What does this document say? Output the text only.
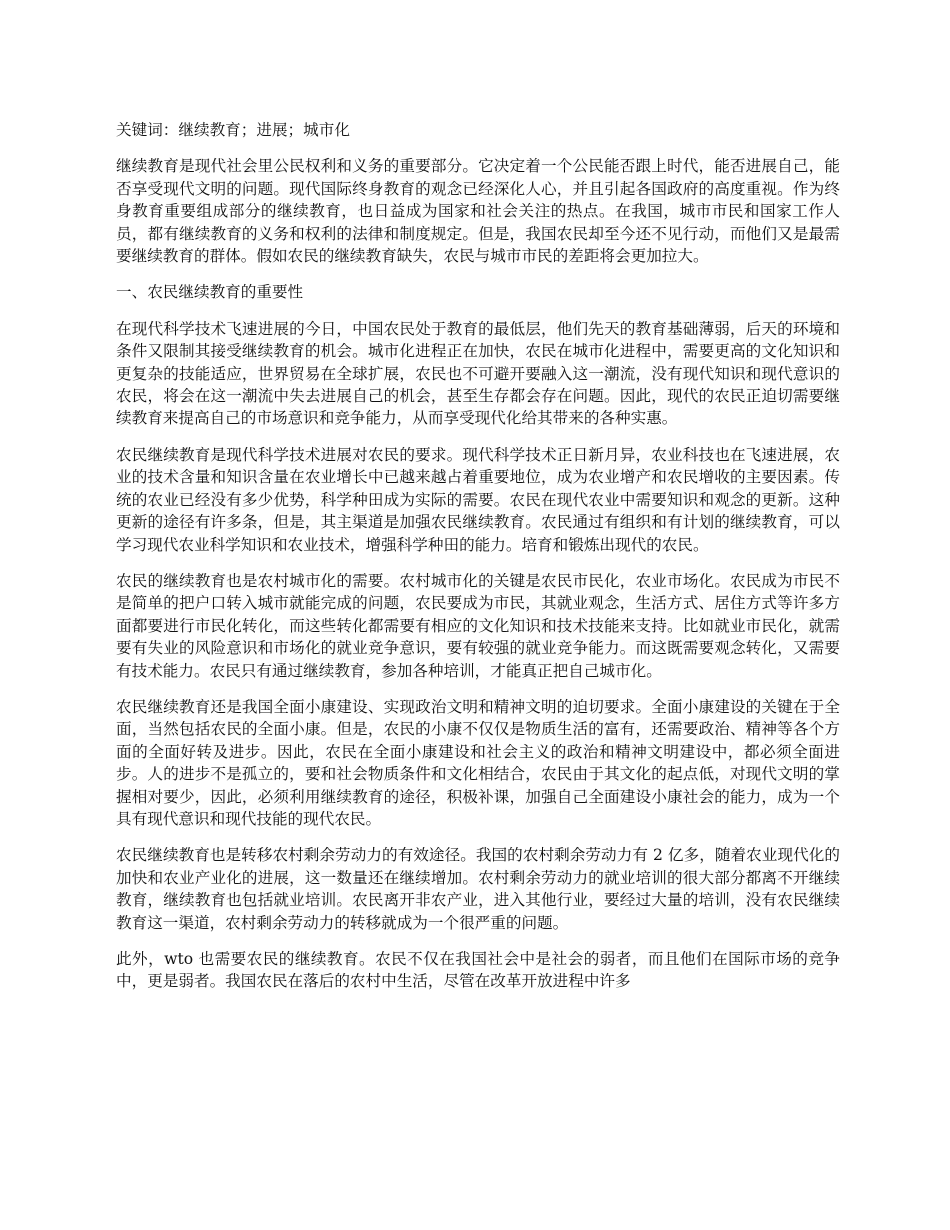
关键词：继续教育；进展；城市化

继续教育是现代社会里公民权利和义务的重要部分。它决定着一个公民能否跟上时代，能否进展自己，能否享受现代文明的问题。现代国际终身教育的观念已经深化人心，并且引起各国政府的高度重视。作为终身教育重要组成部分的继续教育，也日益成为国家和社会关注的热点。在我国，城市市民和国家工作人员，都有继续教育的义务和权利的法律和制度规定。但是，我国农民却至今还不见行动，而他们又是最需要继续教育的群体。假如农民的继续教育缺失，农民与城市市民的差距将会更加拉大。

一、农民继续教育的重要性

在现代科学技术飞速进展的今日，中国农民处于教育的最低层，他们先天的教育基础薄弱，后天的环境和条件又限制其接受继续教育的机会。城市化进程正在加快，农民在城市化进程中，需要更高的文化知识和更复杂的技能适应，世界贸易在全球扩展，农民也不可避开要融入这一潮流，没有现代知识和现代意识的农民，将会在这一潮流中失去进展自己的机会，甚至生存都会存在问题。因此，现代的农民正迫切需要继续教育来提高自己的市场意识和竞争能力，从而享受现代化给其带来的各种实惠。

农民继续教育是现代科学技术进展对农民的要求。现代科学技术正日新月异，农业科技也在飞速进展，农业的技术含量和知识含量在农业增长中已越来越占着重要地位，成为农业增产和农民增收的主要因素。传统的农业已经没有多少优势，科学种田成为实际的需要。农民在现代农业中需要知识和观念的更新。这种更新的途径有许多条，但是，其主渠道是加强农民继续教育。农民通过有组织和有计划的继续教育，可以学习现代农业科学知识和农业技术，增强科学种田的能力。培育和锻炼出现代的农民。

农民的继续教育也是农村城市化的需要。农村城市化的关键是农民市民化，农业市场化。农民成为市民不是简单的把户口转入城市就能完成的问题，农民要成为市民，其就业观念，生活方式、居住方式等许多方面都要进行市民化转化，而这些转化都需要有相应的文化知识和技术技能来支持。比如就业市民化，就需要有失业的风险意识和市场化的就业竞争意识，要有较强的就业竞争能力。而这既需要观念转化，又需要有技术能力。农民只有通过继续教育，参加各种培训，才能真正把自己城市化。

农民继续教育还是我国全面小康建设、实现政治文明和精神文明的迫切要求。全面小康建设的关键在于全面，当然包括农民的全面小康。但是，农民的小康不仅仅是物质生活的富有，还需要政治、精神等各个方面的全面好转及进步。因此，农民在全面小康建设和社会主义的政治和精神文明建设中，都必须全面进步。人的进步不是孤立的，要和社会物质条件和文化相结合，农民由于其文化的起点低，对现代文明的掌握相对要少，因此，必须利用继续教育的途径，积极补课，加强自己全面建设小康社会的能力，成为一个具有现代意识和现代技能的现代农民。

农民继续教育也是转移农村剩余劳动力的有效途径。我国的农村剩余劳动力有 2 亿多，随着农业现代化的加快和农业产业化的进展，这一数量还在继续增加。农村剩余劳动力的就业培训的很大部分都离不开继续教育，继续教育也包括就业培训。农民离开非农产业，进入其他行业，要经过大量的培训，没有农民继续教育这一渠道，农村剩余劳动力的转移就成为一个很严重的问题。

此外，wto 也需要农民的继续教育。农民不仅在我国社会中是社会的弱者，而且他们在国际市场的竞争中，更是弱者。我国农民在落后的农村中生活，尽管在改革开放进程中许多
